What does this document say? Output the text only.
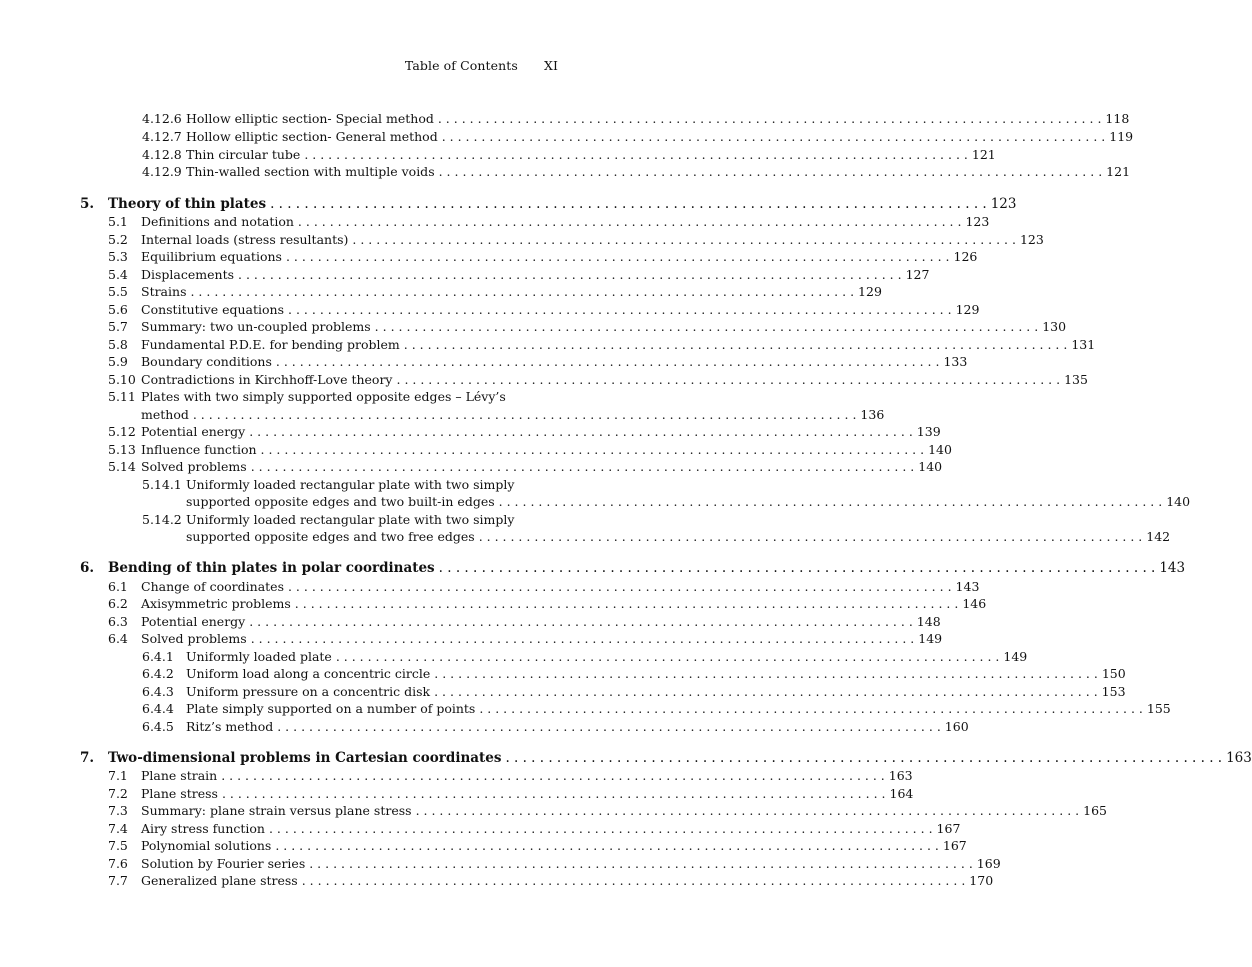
Table of Contents XI
4.12.6 Hollow elliptic section- Special method . . .	118
4.12.7 Hollow elliptic section- General method . . .	119
4.12.8 Thin circular tube . . .	121
4.12.9 Thin-walled section with multiple voids . . .	121
5. Theory of thin plates . . .	123
5.1 Definitions and notation . . .	123
5.2 Internal loads (stress resultants) . . .	123
5.3 Equilibrium equations . . .	126
5.4 Displacements . . .	127
5.5 Strains . . .	129
5.6 Constitutive equations . . .	129
5.7 Summary: two un-coupled problems . . .	130
5.8 Fundamental P.D.E. for bending problem . . .	131
5.9 Boundary conditions . . .	133
5.10 Contradictions in Kirchhoff-Love theory . . .	135
5.11 Plates with two simply supported opposite edges – Lévy’s
method . . .	136
5.12 Potential energy . . .	139
5.13 Influence function . . .	140
5.14 Solved problems . . .	140
5.14.1 Uniformly loaded rectangular plate with two simply
supported opposite edges and two built-in edges . . .	140
5.14.2 Uniformly loaded rectangular plate with two simply
supported opposite edges and two free edges . . .	142
6. Bending of thin plates in polar coordinates . . .	143
6.1 Change of coordinates . . .	143
6.2 Axisymmetric problems . . .	146
6.3 Potential energy . . .	148
6.4 Solved problems . . .	149
6.4.1 Uniformly loaded plate . . .	149
6.4.2 Uniform load along a concentric circle . . .	150
6.4.3 Uniform pressure on a concentric disk . . .	153
6.4.4 Plate simply supported on a number of points . . .	155
6.4.5 Ritz’s method . . .	160
7. Two-dimensional problems in Cartesian coordinates . . .	163
7.1 Plane strain . . .	163
7.2 Plane stress . . .	164
7.3 Summary: plane strain versus plane stress . . .	165
7.4 Airy stress function . . .	167
7.5 Polynomial solutions . . .	167
7.6 Solution by Fourier series . . .	169
7.7 Generalized plane stress . . .	170
